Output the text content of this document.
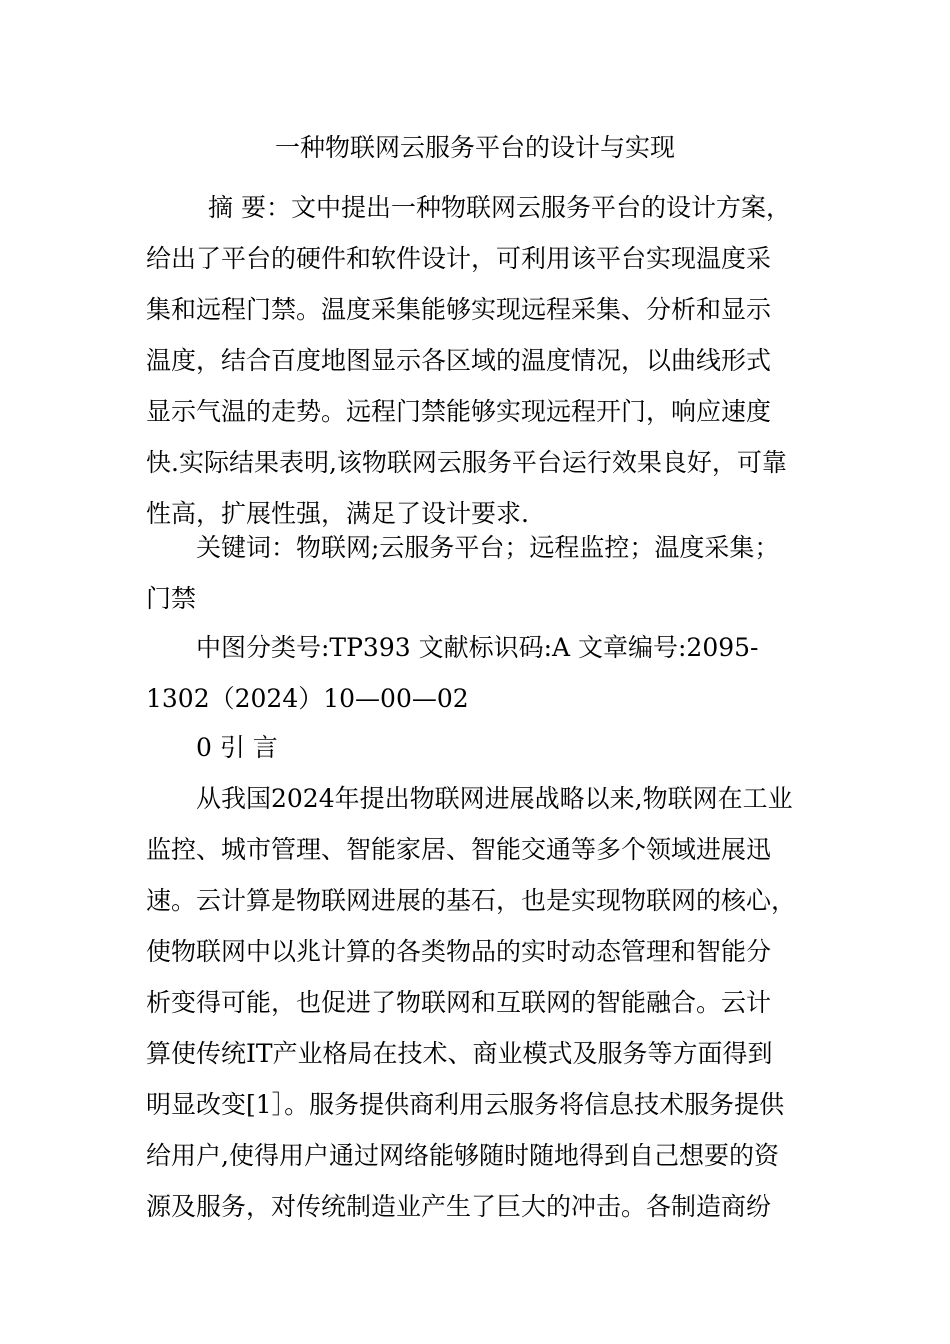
一种物联网云服务平台的设计与实现
摘 要：文中提出一种物联网云服务平台的设计方案，
给出了平台的硬件和软件设计，可利用该平台实现温度采
集和远程门禁。温度采集能够实现远程采集、分析和显示
温度，结合百度地图显示各区域的温度情况，以曲线形式
显示气温的走势。远程门禁能够实现远程开门，响应速度
快.实际结果表明,该物联网云服务平台运行效果良好，可靠
性高，扩展性强，满足了设计要求.
关键词：物联网;云服务平台；远程监控；温度采集；
门禁
中图分类号:TP393 文献标识码:A 文章编号:2095-
1302（2024）10—00—02
0 引 言
从我国2024年提出物联网进展战略以来,物联网在工业
监控、城市管理、智能家居、智能交通等多个领域进展迅
速。云计算是物联网进展的基石，也是实现物联网的核心，
使物联网中以兆计算的各类物品的实时动态管理和智能分
析变得可能，也促进了物联网和互联网的智能融合。云计
算使传统IT产业格局在技术、商业模式及服务等方面得到
明显改变[1］。服务提供商利用云服务将信息技术服务提供
给用户,使得用户通过网络能够随时随地得到自己想要的资
源及服务，对传统制造业产生了巨大的冲击。各制造商纷
